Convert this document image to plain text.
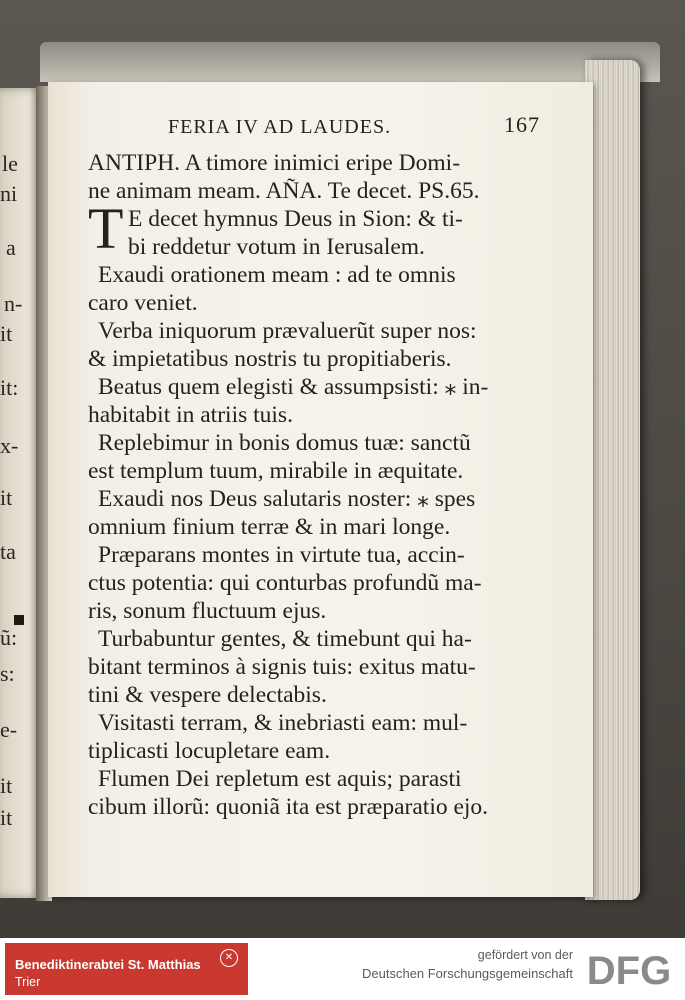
le
ni
a
n-
it
it:
x-
it
ta
ũ:
s:
e-
it
it
FERIA IV AD LAUDES.	167
ANTIPH. A timore inimici eripe Domi-
ne animam meam. AÑA. Te decet. PS.65.
T E decet hymnus Deus in Sion: & ti-
bi reddetur votum in Ierusalem.
Exaudi orationem meam : ad te omnis
caro veniet.
Verba iniquorum prævaluerũt super nos:
& impietatibus nostris tu propitiaberis.
Beatus quem elegisti & assumpsisti: ⁎ in-
habitabit in atriis tuis.
Replebimur in bonis domus tuæ: sanctũ
est templum tuum, mirabile in æquitate.
Exaudi nos Deus salutaris noster: ⁎ spes
omnium finium terræ & in mari longe.
Præparans montes in virtute tua, accin-
ctus potentia: qui conturbas profundũ ma-
ris, sonum fluctuum ejus.
Turbabuntur gentes, & timebunt qui ha-
bitant terminos à signis tuis: exitus matu-
tini & vespere delectabis.
Visitasti terram, & inebriasti eam: mul-
tiplicasti locupletare eam.
Flumen Dei repletum est aquis; parasti
cibum illorũ: quoniã ita est præparatio ejo.
Benediktinerabtei St. Matthias
Trier
✕	gefördert von der
Deutschen Forschungsgemeinschaft DFG
